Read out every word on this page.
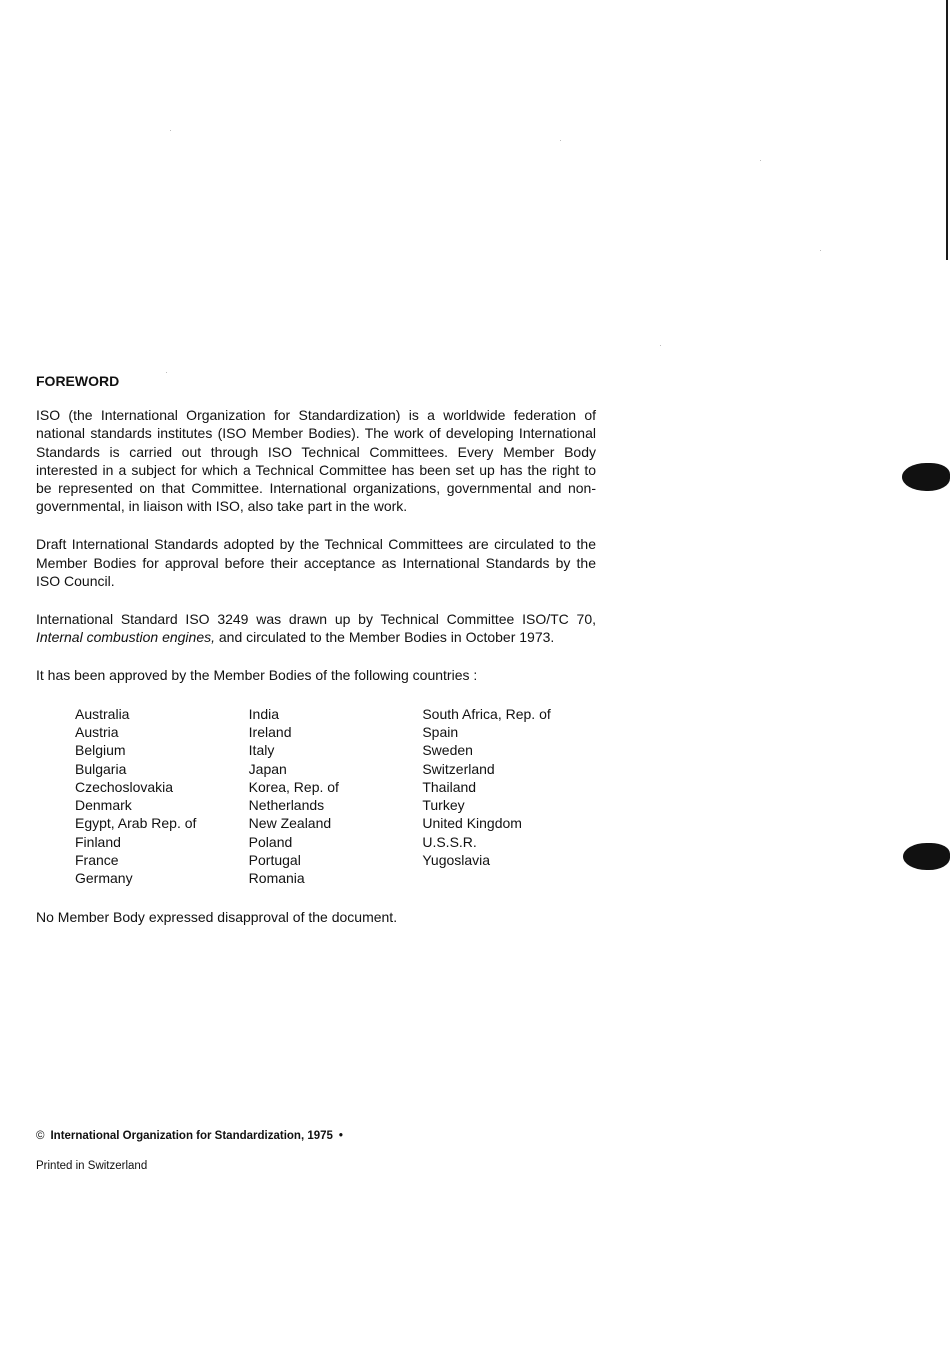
FOREWORD

ISO (the International Organization for Standardization) is a worldwide federation of national standards institutes (ISO Member Bodies). The work of developing International Standards is carried out through ISO Technical Committees. Every Member Body interested in a subject for which a Technical Committee has been set up has the right to be represented on that Committee. International organizations, governmental and non-governmental, in liaison with ISO, also take part in the work.

Draft International Standards adopted by the Technical Committees are circulated to the Member Bodies for approval before their acceptance as International Standards by the ISO Council.

International Standard ISO 3249 was drawn up by Technical Committee ISO/TC 70, Internal combustion engines, and circulated to the Member Bodies in October 1973.

It has been approved by the Member Bodies of the following countries :

Australia
Austria
Belgium
Bulgaria
Czechoslovakia
Denmark
Egypt, Arab Rep. of
Finland
France
Germany
India
Ireland
Italy
Japan
Korea, Rep. of
Netherlands
New Zealand
Poland
Portugal
Romania
South Africa, Rep. of
Spain
Sweden
Switzerland
Thailand
Turkey
United Kingdom
U.S.S.R.
Yugoslavia

No Member Body expressed disapproval of the document.

© International Organization for Standardization, 1975 •
Printed in Switzerland
